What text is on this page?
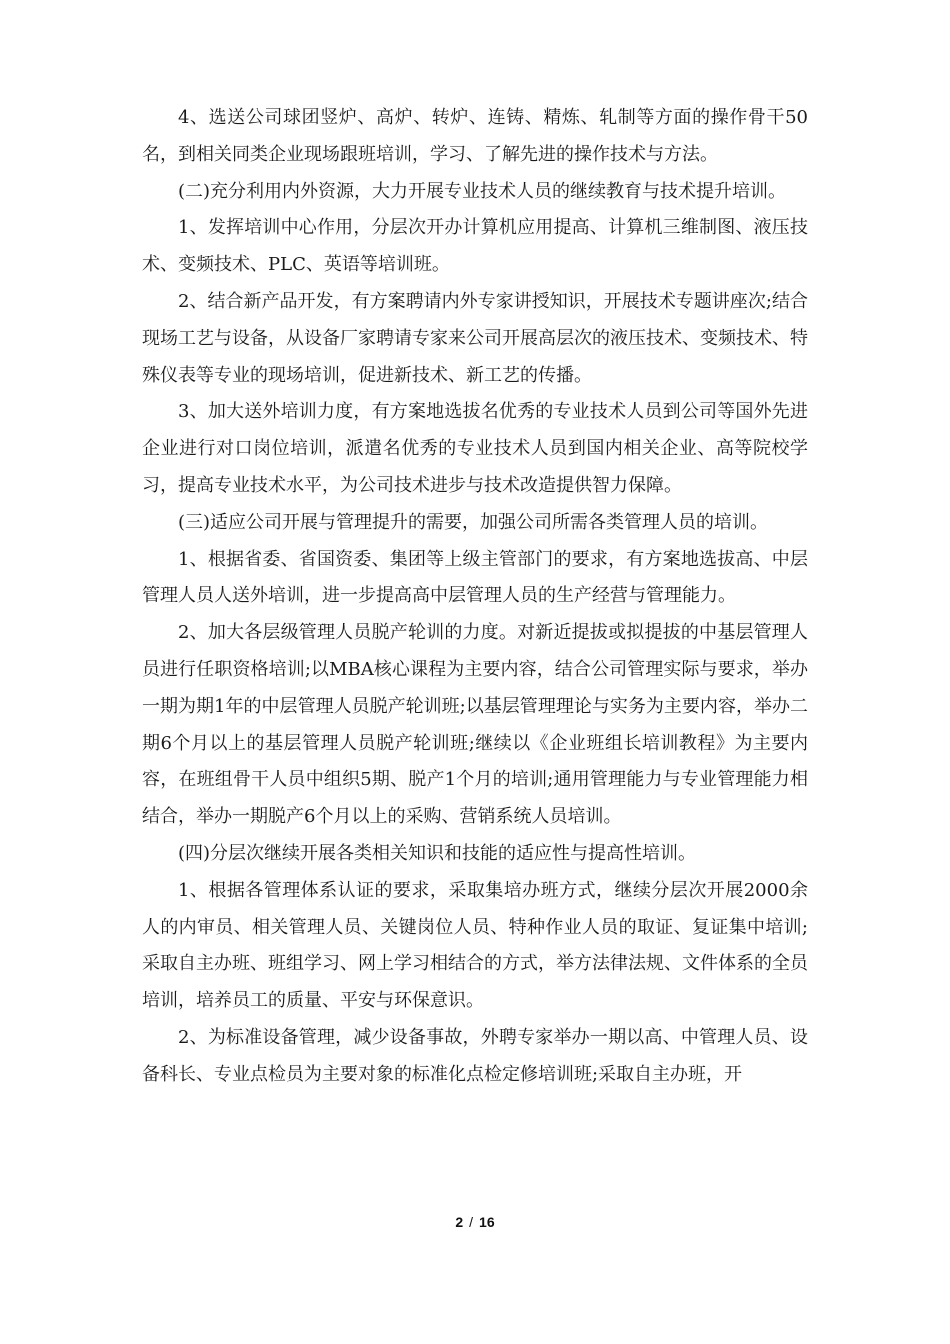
4、选送公司球团竖炉、高炉、转炉、连铸、精炼、轧制等方面的操作骨干50名，到相关同类企业现场跟班培训，学习、了解先进的操作技术与方法。

(二)充分利用内外资源，大力开展专业技术人员的继续教育与技术提升培训。

1、发挥培训中心作用，分层次开办计算机应用提高、计算机三维制图、液压技术、变频技术、PLC、英语等培训班。

2、结合新产品开发，有方案聘请内外专家讲授知识，开展技术专题讲座次;结合现场工艺与设备，从设备厂家聘请专家来公司开展高层次的液压技术、变频技术、特殊仪表等专业的现场培训，促进新技术、新工艺的传播。

3、加大送外培训力度，有方案地选拔名优秀的专业技术人员到公司等国外先进企业进行对口岗位培训，派遣名优秀的专业技术人员到国内相关企业、高等院校学习，提高专业技术水平，为公司技术进步与技术改造提供智力保障。

(三)适应公司开展与管理提升的需要，加强公司所需各类管理人员的培训。

1、根据省委、省国资委、集团等上级主管部门的要求，有方案地选拔高、中层管理人员人送外培训，进一步提高高中层管理人员的生产经营与管理能力。

2、加大各层级管理人员脱产轮训的力度。对新近提拔或拟提拔的中基层管理人员进行任职资格培训;以MBA核心课程为主要内容，结合公司管理实际与要求，举办一期为期1年的中层管理人员脱产轮训班;以基层管理理论与实务为主要内容，举办二期6个月以上的基层管理人员脱产轮训班;继续以《企业班组长培训教程》为主要内容，在班组骨干人员中组织5期、脱产1个月的培训;通用管理能力与专业管理能力相结合，举办一期脱产6个月以上的采购、营销系统人员培训。

(四)分层次继续开展各类相关知识和技能的适应性与提高性培训。

1、根据各管理体系认证的要求，采取集培办班方式，继续分层次开展2000余人的内审员、相关管理人员、关键岗位人员、特种作业人员的取证、复证集中培训;采取自主办班、班组学习、网上学习相结合的方式，举方法律法规、文件体系的全员培训，培养员工的质量、平安与环保意识。

2、为标准设备管理，减少设备事故，外聘专家举办一期以高、中管理人员、设备科长、专业点检员为主要对象的标准化点检定修培训班;采取自主办班，开

2 / 16
